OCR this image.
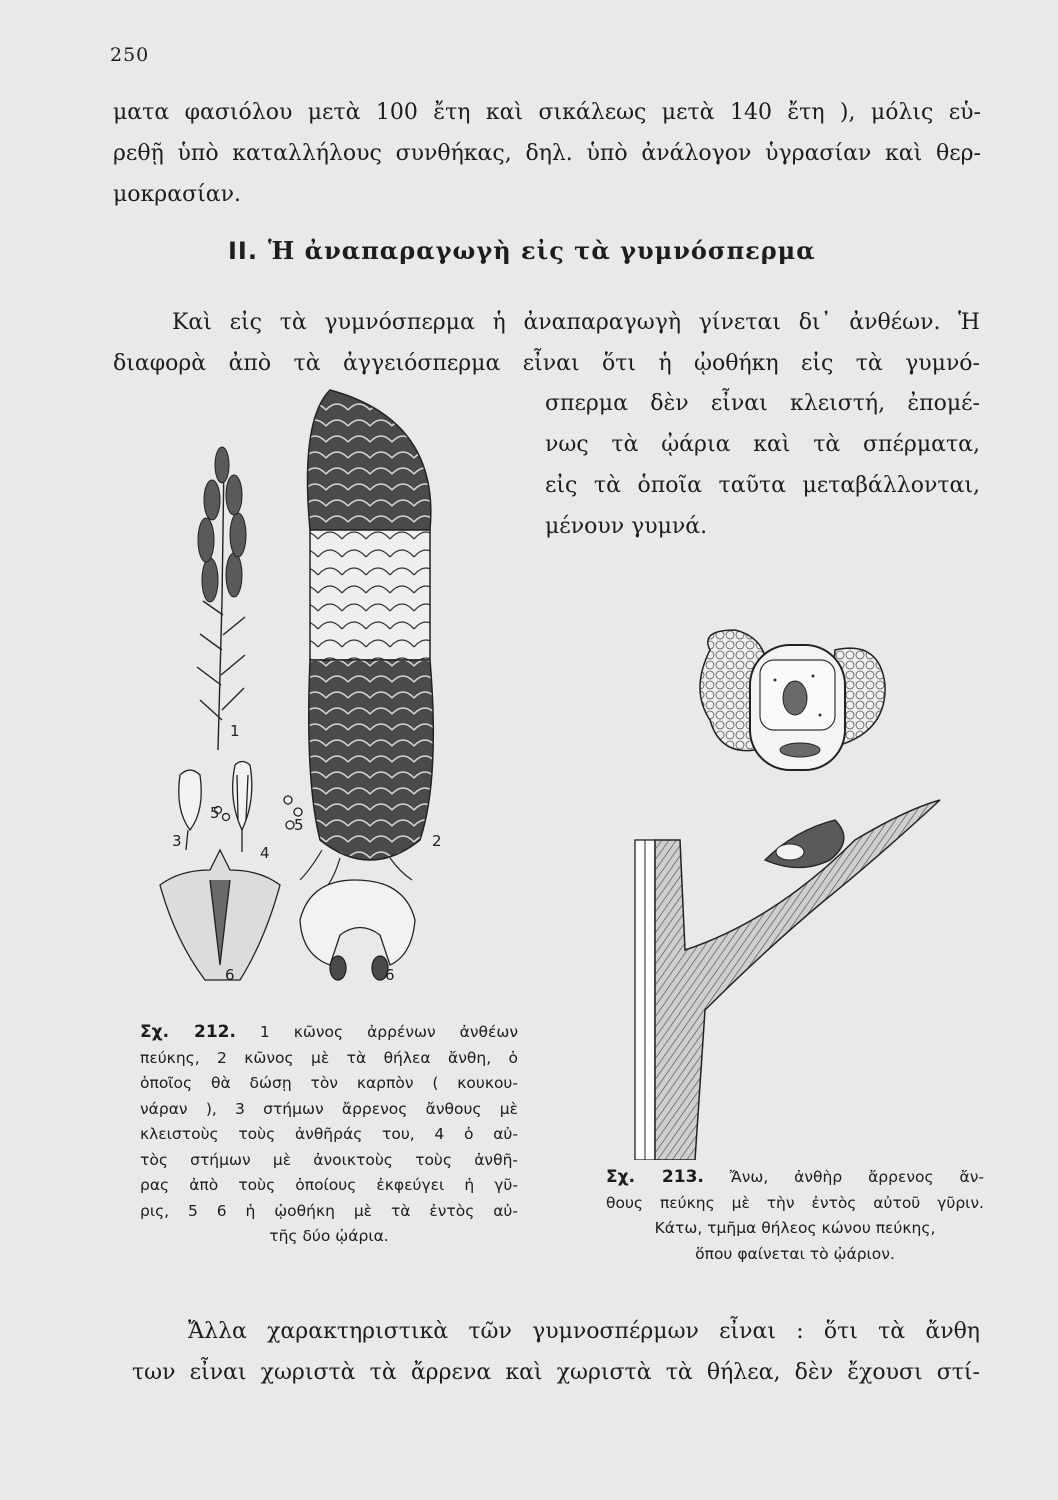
250

ματα φασιόλου μετὰ 100 ἔτη καὶ σικάλεως μετὰ 140 ἔτη ), μόλις εὑ-

ρεθῇ ὑπὸ καταλλήλους συνθήκας, δηλ. ὑπὸ ἀνάλογον ὑγρασίαν καὶ θερ-

μοκρασίαν.

II. Ἡ ἀναπαραγωγὴ εἰς τὰ γυμνόσπερμα

Καὶ εἰς τὰ γυμνόσπερμα ἡ ἀναπαραγωγὴ γίνεται δι᾽ ἀνθέων. Ἡ

διαφορὰ ἀπὸ τὰ ἀγγειόσπερμα εἶναι ὅτι ἡ ᾠοθήκη εἰς τὰ γυμνό-

σπερμα δὲν εἶναι κλειστή, ἐπομέ-

νως τὰ ᾠάρια καὶ τὰ σπέρματα,

εἰς τὰ ὁποῖα ταῦτα μεταβάλλονται,

μένουν γυμνά.

1
2
3
4
5
5
6	6

Σχ. 212. 1 κῶνος ἀρρένων ἀνθέων

πεύκης, 2 κῶνος μὲ τὰ θήλεα ἄνθη, ὁ

ὁποῖος θὰ δώσῃ τὸν καρπὸν ( κουκου-

νάραν ), 3 στήμων ἄρρενος ἄνθους μὲ

κλειστοὺς τοὺς ἀνθῆράς του, 4 ὁ αὐ-

τὸς στήμων μὲ ἀνοικτοὺς τοὺς ἀνθῆ-

ρας ἀπὸ τοὺς ὁποίους ἐκφεύγει ἡ γῦ-

ρις, 5 6 ἡ ᾠοθήκη μὲ τὰ ἐντὸς αὐ-

τῆς δύο ᾠάρια.

Σχ. 213. Ἄνω, ἀνθὴρ ἄρρενος ἄν-

θους πεύκης μὲ τὴν ἐντὸς αὐτοῦ γῦριν.

Κάτω, τμῆμα θήλεος κώνου πεύκης,

ὅπου φαίνεται τὸ ᾠάριον.

Ἄλλα χαρακτηριστικὰ τῶν γυμνοσπέρμων εἶναι : ὅτι τὰ ἄνθη

των εἶναι χωριστὰ τὰ ἄρρενα καὶ χωριστὰ τὰ θήλεα, δὲν ἔχουσι στί-
